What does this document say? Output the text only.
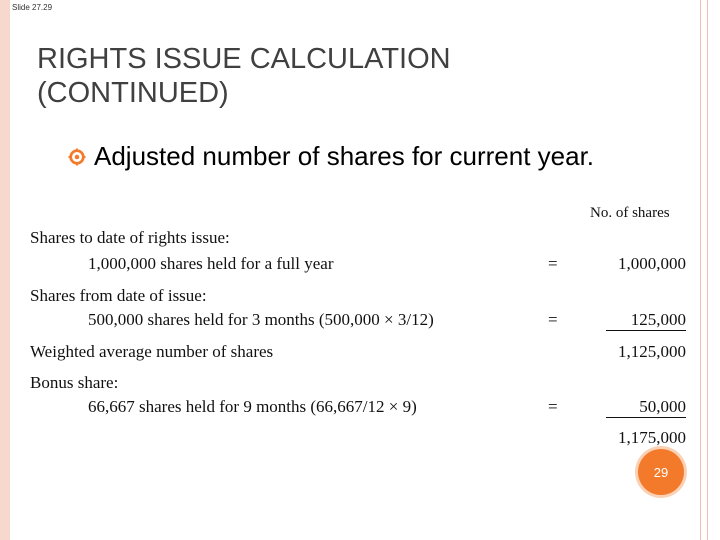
Slide 27.29
RIGHTS ISSUE CALCULATION
(CONTINUED)
Adjusted number of shares for current year.
No. of shares
Shares to date of rights issue:
1,000,000 shares held for a full year	=	1,000,000
Shares from date of issue:
500,000 shares held for 3 months (500,000 × 3/12)	=	125,000
Weighted average number of shares	1,125,000
Bonus share:
66,667 shares held for 9 months (66,667/12 × 9)	=	50,000
1,175,000
29
